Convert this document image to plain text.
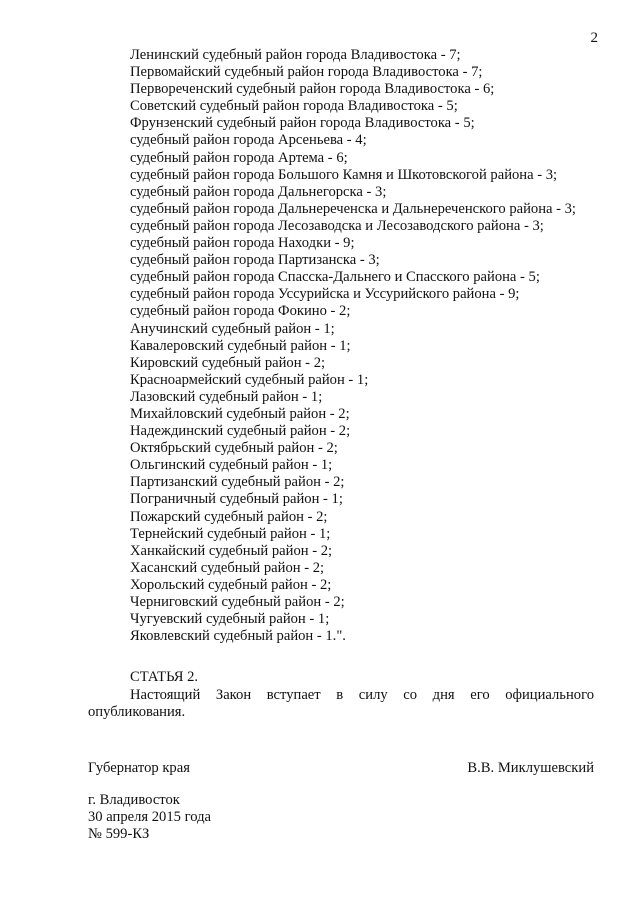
2
Ленинский судебный район города Владивостока - 7;
Первомайский судебный район города Владивостока - 7;
Первореченский судебный район города Владивостока - 6;
Советский судебный район города Владивостока - 5;
Фрунзенский судебный район города Владивостока - 5;
судебный район города Арсеньева - 4;
судебный район города Артема - 6;
судебный район города Большого Камня и Шкотовскогой района - 3;
судебный район города Дальнегорска - 3;
судебный район города Дальнереченска и Дальнереченского района - 3;
судебный район города Лесозаводска и Лесозаводского района - 3;
судебный район города Находки - 9;
судебный район города Партизанска - 3;
судебный район города Спасска-Дальнего и Спасского района - 5;
судебный район города Уссурийска и Уссурийского района - 9;
судебный район города Фокино - 2;
Анучинский судебный район - 1;
Кавалеровский судебный район - 1;
Кировский судебный район - 2;
Красноармейский судебный район - 1;
Лазовский судебный район - 1;
Михайловский судебный район - 2;
Надеждинский судебный район - 2;
Октябрьский судебный район - 2;
Ольгинский судебный район - 1;
Партизанский судебный район - 2;
Пограничный судебный район - 1;
Пожарский судебный район - 2;
Тернейский судебный район - 1;
Ханкайский судебный район - 2;
Хасанский судебный район - 2;
Хорольский судебный район - 2;
Черниговский судебный район - 2;
Чугуевский судебный район - 1;
Яковлевский судебный район - 1.".
СТАТЬЯ 2.
Настоящий Закон вступает в силу со дня его официального
опубликования.
Губернатор края	В.В. Миклушевский
г. Владивосток
30 апреля 2015 года
№ 599-КЗ
